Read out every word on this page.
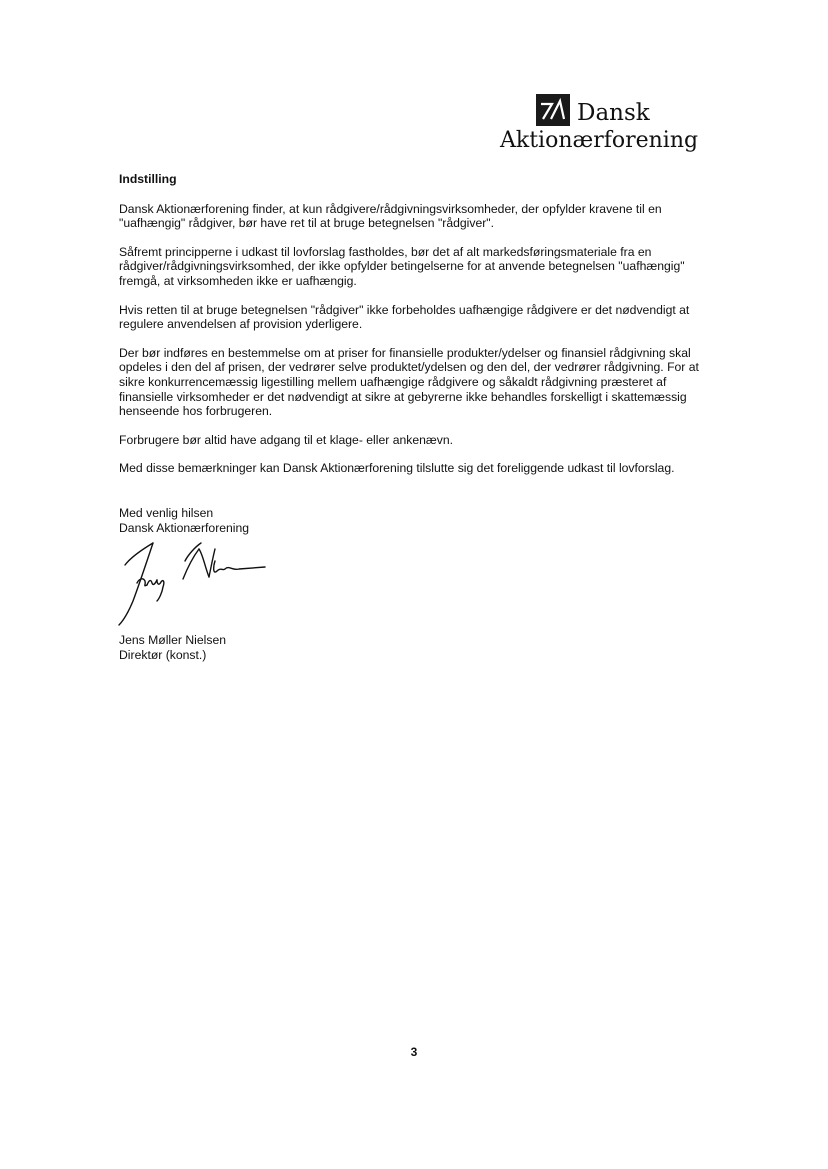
Dansk
Aktionærforening

Indstilling

Dansk Aktionærforening finder, at kun rådgivere/rådgivningsvirksomheder, der opfylder kravene til en "uafhængig" rådgiver, bør have ret til at bruge betegnelsen "rådgiver".

Såfremt principperne i udkast til lovforslag fastholdes, bør det af alt markedsføringsmateriale fra en rådgiver/rådgivningsvirksomhed, der ikke opfylder betingelserne for at anvende betegnelsen "uafhængig" fremgå, at virksomheden ikke er uafhængig.

Hvis retten til at bruge betegnelsen "rådgiver" ikke forbeholdes uafhængige rådgivere er det nødvendigt at regulere anvendelsen af provision yderligere.

Der bør indføres en bestemmelse om at priser for finansielle produkter/ydelser og finansiel rådgivning skal opdeles i den del af prisen, der vedrører selve produktet/ydelsen og den del, der vedrører rådgivning. For at sikre konkurrencemæssig ligestilling mellem uafhængige rådgivere og såkaldt rådgivning præsteret af finansielle virksomheder er det nødvendigt at sikre at gebyrerne ikke behandles forskelligt i skattemæssig henseende hos forbrugeren.

Forbrugere bør altid have adgang til et klage- eller ankenævn.

Med disse bemærkninger kan Dansk Aktionærforening tilslutte sig det foreliggende udkast til lovforslag.

Med venlig hilsen
Dansk Aktionærforening
Jens Møller Nielsen
Direktør (konst.)
3
